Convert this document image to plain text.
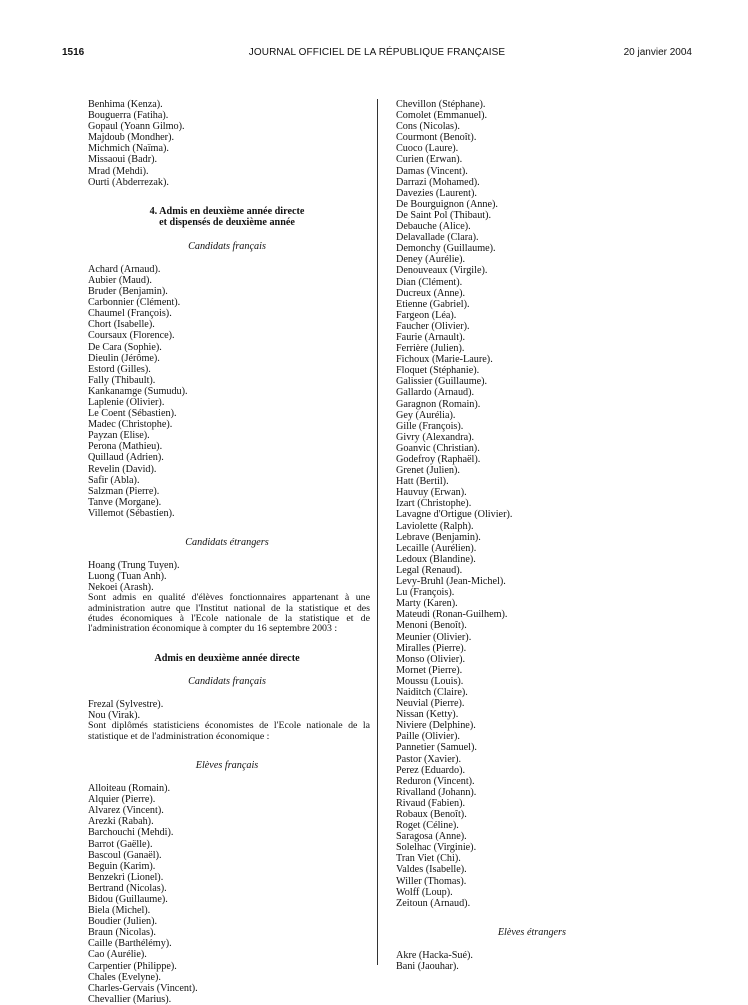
1516	JOURNAL OFFICIEL DE LA RÉPUBLIQUE FRANÇAISE	20 janvier 2004
Benhima (Kenza).
Bouguerra (Fatiha).
Gopaul (Yoann Gilmo).
Majdoub (Mondher).
Michmich (Naïma).
Missaoui (Badr).
Mrad (Mehdi).
Ourti (Abderrezak).
4. Admis en deuxième année directe
et dispensés de deuxième année
Candidats français
Achard (Arnaud).
Aubier (Maud).
Bruder (Benjamin).
Carbonnier (Clément).
Chaumel (François).
Chort (Isabelle).
Coursaux (Florence).
De Cara (Sophie).
Dieulin (Jérôme).
Estord (Gilles).
Fally (Thibault).
Kankanamge (Sumudu).
Laplenie (Olivier).
Le Coent (Sébastien).
Madec (Christophe).
Payzan (Elise).
Perona (Mathieu).
Quillaud (Adrien).
Revelin (David).
Safir (Abla).
Salzman (Pierre).
Tanve (Morgane).
Villemot (Sébastien).
Candidats étrangers
Hoang (Trung Tuyen).
Luong (Tuan Anh).
Nekoei (Arash).
Sont admis en qualité d'élèves fonctionnaires appartenant à une administration autre que l'Institut national de la statistique et des études économiques à l'Ecole nationale de la statistique et de l'administration économique à compter du 16 septembre 2003 :
Admis en deuxième année directe
Candidats français
Frezal (Sylvestre).
Nou (Virak).
Sont diplômés statisticiens économistes de l'Ecole nationale de la statistique et de l'administration économique :
Elèves français
Alloiteau (Romain).
Alquier (Pierre).
Alvarez (Vincent).
Arezki (Rabah).
Barchouchi (Mehdi).
Barrot (Gaëlle).
Bascoul (Ganaël).
Beguin (Karim).
Benzekri (Lionel).
Bertrand (Nicolas).
Bidou (Guillaume).
Biela (Michel).
Boudier (Julien).
Braun (Nicolas).
Caille (Barthélémy).
Cao (Aurélie).
Carpentier (Philippe).
Chales (Evelyne).
Charles-Gervais (Vincent).
Chevallier (Marius).
Chevillon (Stéphane).
Comolet (Emmanuel).
Cons (Nicolas).
Courmont (Benoît).
Cuoco (Laure).
Curien (Erwan).
Damas (Vincent).
Darrazi (Mohamed).
Davezies (Laurent).
De Bourguignon (Anne).
De Saint Pol (Thibaut).
Debauche (Alice).
Delavallade (Clara).
Demonchy (Guillaume).
Deney (Aurélie).
Denouveaux (Virgile).
Dian (Clément).
Ducreux (Anne).
Etienne (Gabriel).
Fargeon (Léa).
Faucher (Olivier).
Faurie (Arnault).
Ferrière (Julien).
Fichoux (Marie-Laure).
Floquet (Stéphanie).
Galissier (Guillaume).
Gallardo (Arnaud).
Garagnon (Romain).
Gey (Aurélia).
Gille (François).
Givry (Alexandra).
Goanvic (Christian).
Godefroy (Raphaël).
Grenet (Julien).
Hatt (Bertil).
Hauvuy (Erwan).
Izart (Christophe).
Lavagne d'Ortigue (Olivier).
Laviolette (Ralph).
Lebrave (Benjamin).
Lecaille (Aurélien).
Ledoux (Blandine).
Legal (Renaud).
Levy-Bruhl (Jean-Michel).
Lu (François).
Marty (Karen).
Mateudi (Ronan-Guilhem).
Menoni (Benoît).
Meunier (Olivier).
Miralles (Pierre).
Monso (Olivier).
Mornet (Pierre).
Moussu (Louis).
Naiditch (Claire).
Neuvial (Pierre).
Nissan (Ketty).
Niviere (Delphine).
Paille (Olivier).
Pannetier (Samuel).
Pastor (Xavier).
Perez (Eduardo).
Reduron (Vincent).
Rivalland (Johann).
Rivaud (Fabien).
Robaux (Benoît).
Roget (Céline).
Saragosa (Anne).
Solelhac (Virginie).
Tran Viet (Chi).
Valdes (Isabelle).
Willer (Thomas).
Wolff (Loup).
Zeitoun (Arnaud).
Elèves étrangers
Akre (Hacka-Sué).
Bani (Jaouhar).
